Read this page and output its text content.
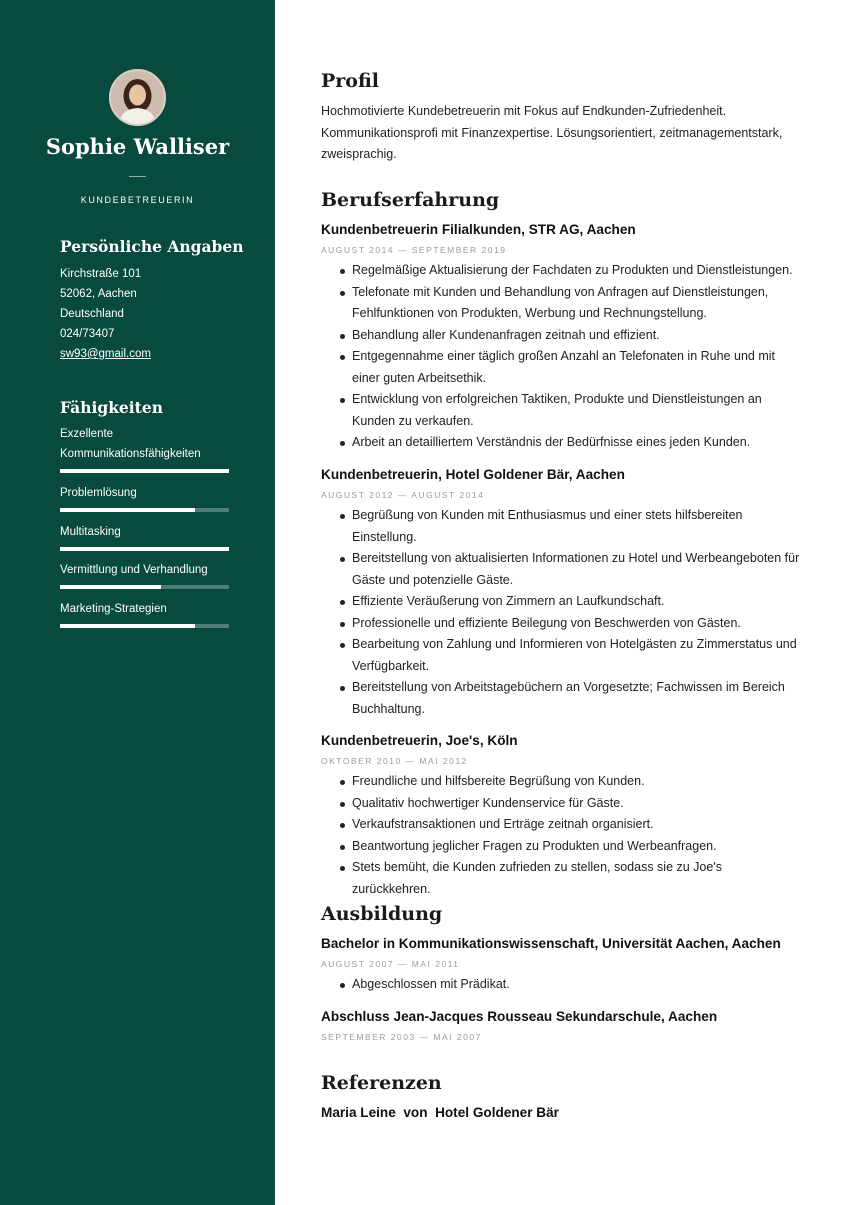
Sophie Walliser
KUNDEBETREUERIN
Persönliche Angaben
Kirchstraße 101
52062, Aachen
Deutschland
024/73407
sw93@gmail.com
Fähigkeiten
Exzellente Kommunikationsfähigkeiten
Problemlösung
Multitasking
Vermittlung und Verhandlung
Marketing-Strategien
Profil
Hochmotivierte Kundebetreuerin mit Fokus auf Endkunden-Zufriedenheit. Kommunikationsprofi mit Finanzexpertise. Lösungsorientiert, zeitmanagementstark, zweisprachig.
Berufserfahrung
Kundenbetreuerin Filialkunden, STR AG, Aachen
AUGUST 2014 — SEPTEMBER 2019
Regelmäßige Aktualisierung der Fachdaten zu Produkten und Dienstleistungen.
Telefonate mit Kunden und Behandlung von Anfragen auf Dienstleistungen, Fehlfunktionen von Produkten, Werbung und Rechnungstellung.
Behandlung aller Kundenanfragen zeitnah und effizient.
Entgegennahme einer täglich großen Anzahl an Telefonaten in Ruhe und mit einer guten Arbeitsethik.
Entwicklung von erfolgreichen Taktiken, Produkte und Dienstleistungen an Kunden zu verkaufen.
Arbeit an detailliertem Verständnis der Bedürfnisse eines jeden Kunden.
Kundenbetreuerin, Hotel Goldener Bär, Aachen
AUGUST 2012 — AUGUST 2014
Begrüßung von Kunden mit Enthusiasmus und einer stets hilfsbereiten Einstellung.
Bereitstellung von aktualisierten Informationen zu Hotel und Werbeangeboten für Gäste und potenzielle Gäste.
Effiziente Veräußerung von Zimmern an Laufkundschaft.
Professionelle und effiziente Beilegung von Beschwerden von Gästen.
Bearbeitung von Zahlung und Informieren von Hotelgästen zu Zimmerstatus und Verfügbarkeit.
Bereitstellung von Arbeitstagebüchern an Vorgesetzte; Fachwissen im Bereich Buchhaltung.
Kundenbetreuerin, Joe's, Köln
OKTOBER 2010 — MAI 2012
Freundliche und hilfsbereite Begrüßung von Kunden.
Qualitativ hochwertiger Kundenservice für Gäste.
Verkaufstransaktionen und Erträge zeitnah organisiert.
Beantwortung jeglicher Fragen zu Produkten und Werbeanfragen.
Stets bemüht, die Kunden zufrieden zu stellen, sodass sie zu Joe's zurückkehren.
Ausbildung
Bachelor in Kommunikationswissenschaft, Universität Aachen, Aachen
AUGUST 2007 — MAI 2011
Abgeschlossen mit Prädikat.
Abschluss Jean-Jacques Rousseau Sekundarschule, Aachen
SEPTEMBER 2003 — MAI 2007
Referenzen
Maria Leine  von  Hotel Goldener Bär
